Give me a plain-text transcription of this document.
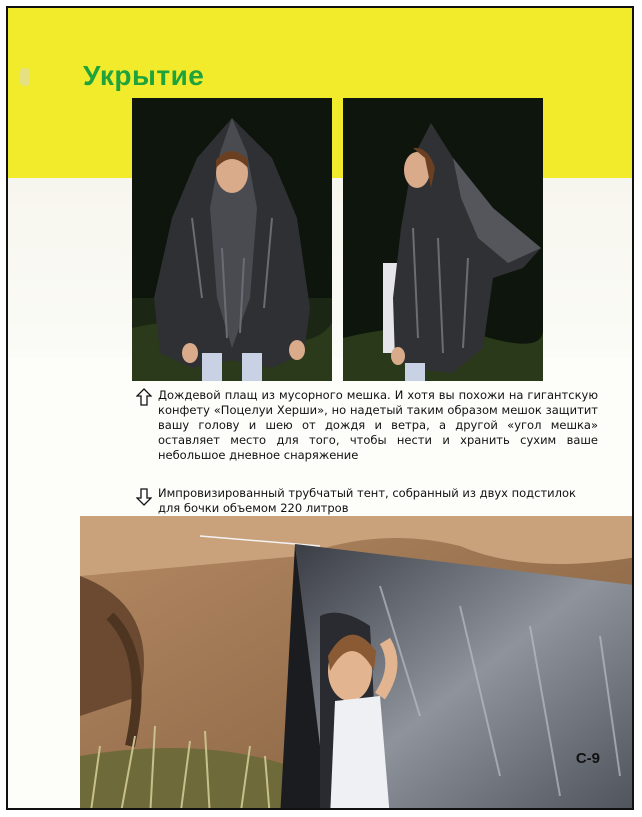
Укрытие

Дождевой плащ из мусорного мешка. И хотя вы похожи на гигантскую конфету «Поцелуи Херши», но надетый таким образом мешок защитит вашу голову и шею от дождя и ветра, а другой «угол мешка» оставляет место для того, чтобы нести и хранить сухим ваше небольшое дневное снаряжение

Импровизированный трубчатый тент, собранный из двух подстилок для бочки объемом 220 литров

С-9
